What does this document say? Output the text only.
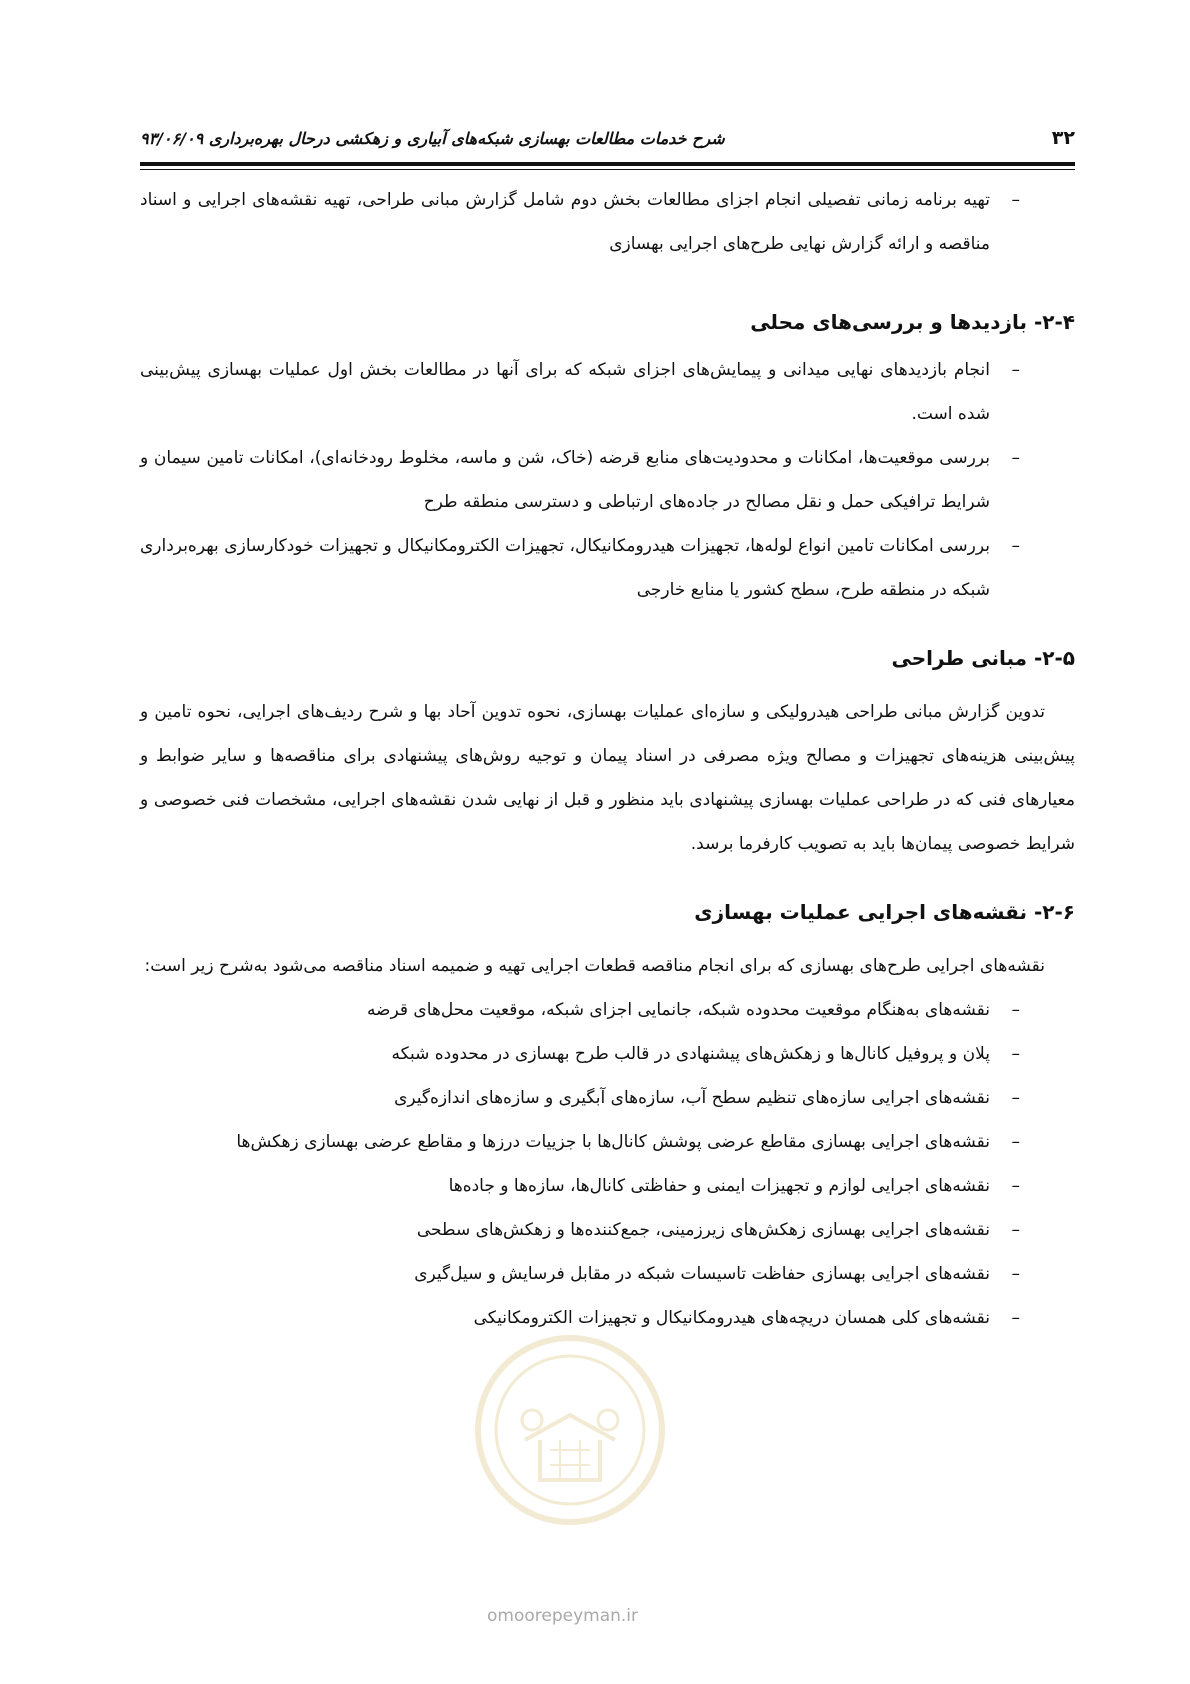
۳۲
شرح خدمات مطالعات بهسازی شبکه‌های آبیاری و زهکشی درحال بهره‌برداری ۹۳/۰۶/۰۹
–
تهیه برنامه زمانی تفصیلی انجام اجزای مطالعات بخش دوم شامل گزارش مبانی طراحی، تهیه نقشه‌های اجرایی و اسناد مناقصه و ارائه گزارش نهایی طرح‌های اجرایی بهسازی
۲-۴- بازدیدها و بررسی‌های محلی
–
انجام بازدیدهای نهایی میدانی و پیمایش‌های اجزای شبکه که برای آنها در مطالعات بخش اول عملیات بهسازی پیش‌بینی شده است.
–
بررسی موقعیت‌ها، امکانات و محدودیت‌های منابع قرضه (خاک، شن و ماسه، مخلوط رودخانه‌ای)، امکانات تامین سیمان و شرایط ترافیکی حمل و نقل مصالح در جاده‌های ارتباطی و دسترسی منطقه طرح
–
بررسی امکانات تامین انواع لوله‌ها، تجهیزات هیدرومکانیکال، تجهیزات الکترومکانیکال و تجهیزات خودکارسازی بهره‌برداری شبکه در منطقه طرح، سطح کشور یا منابع خارجی
۲-۵- مبانی طراحی

تدوین گزارش مبانی طراحی هیدرولیکی و سازه‌ای عملیات بهسازی، نحوه تدوین آحاد بها و شرح ردیف‌های اجرایی، نحوه تامین و پیش‌بینی هزینه‌های تجهیزات و مصالح ویژه مصرفی در اسناد پیمان و توجیه روش‌های پیشنهادی برای مناقصه‌ها و سایر ضوابط و معیارهای فنی که در طراحی عملیات بهسازی پیشنهادی باید منظور و قبل از نهایی شدن نقشه‌های اجرایی، مشخصات فنی خصوصی و شرایط خصوصی پیمان‌ها باید به تصویب کارفرما برسد.

۲-۶- نقشه‌های اجرایی عملیات بهسازی

نقشه‌های اجرایی طرح‌های بهسازی که برای انجام مناقصه قطعات اجرایی تهیه و ضمیمه اسناد مناقصه می‌شود به‌شرح زیر است:

–
نقشه‌های به‌هنگام موقعیت محدوده شبکه، جانمایی اجزای شبکه، موقعیت محل‌های قرضه
–
پلان و پروفیل کانال‌ها و زهکش‌های پیشنهادی در قالب طرح بهسازی در محدوده شبکه
–
نقشه‌های اجرایی سازه‌های تنظیم سطح آب، سازه‌های آبگیری و سازه‌های اندازه‌گیری
–
نقشه‌های اجرایی بهسازی مقاطع عرضی پوشش کانال‌ها با جزییات درزها و مقاطع عرضی بهسازی زهکش‌ها
–
نقشه‌های اجرایی لوازم و تجهیزات ایمنی و حفاظتی کانال‌ها، سازه‌ها و جاده‌ها
–
نقشه‌های اجرایی بهسازی زهکش‌های زیرزمینی، جمع‌کننده‌ها و زهکش‌های سطحی
–
نقشه‌های اجرایی بهسازی حفاظت تاسیسات شبکه در مقابل فرسایش و سیل‌گیری
–
نقشه‌های کلی همسان دریچه‌های هیدرومکانیکال و تجهیزات الکترومکانیکی
omoorepeyman.ir
